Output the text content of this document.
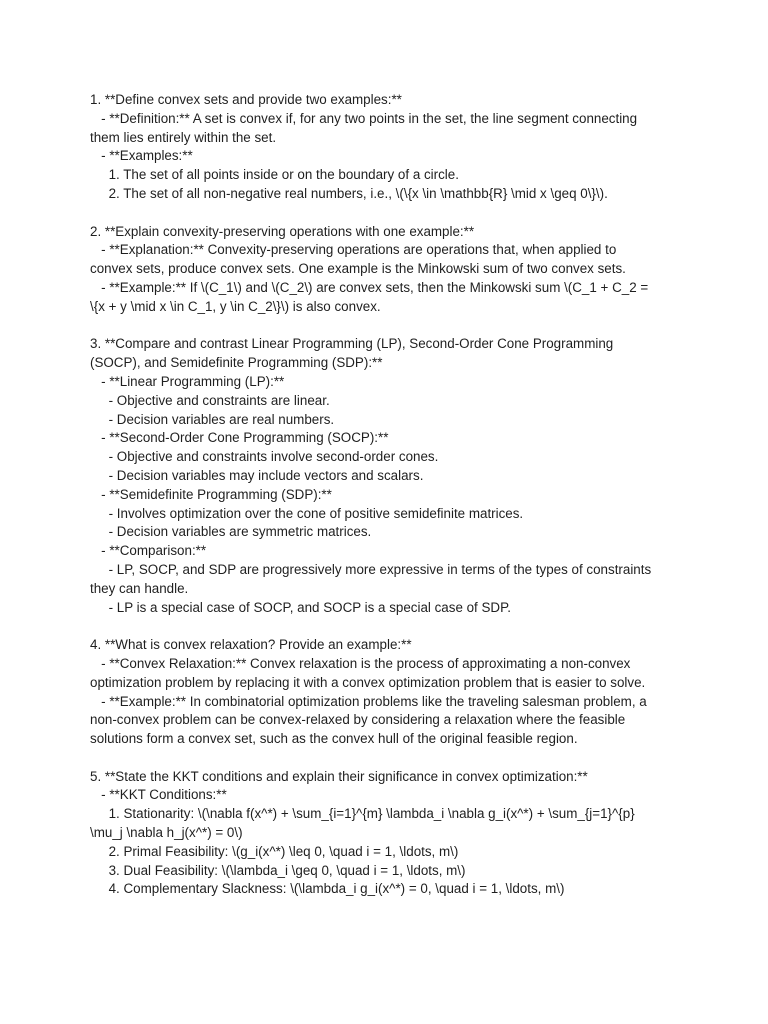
1. **Define convex sets and provide two examples:**
- **Definition:** A set is convex if, for any two points in the set, the line segment connecting
them lies entirely within the set.
- **Examples:**
1. The set of all points inside or on the boundary of a circle.
2. The set of all non-negative real numbers, i.e., \(\{x \in \mathbb{R} \mid x \geq 0\}\).
2. **Explain convexity-preserving operations with one example:**
- **Explanation:** Convexity-preserving operations are operations that, when applied to
convex sets, produce convex sets. One example is the Minkowski sum of two convex sets.
- **Example:** If \(C_1\) and \(C_2\) are convex sets, then the Minkowski sum \(C_1 + C_2 =
\{x + y \mid x \in C_1, y \in C_2\}\) is also convex.
3. **Compare and contrast Linear Programming (LP), Second-Order Cone Programming
(SOCP), and Semidefinite Programming (SDP):**
- **Linear Programming (LP):**
- Objective and constraints are linear.
- Decision variables are real numbers.
- **Second-Order Cone Programming (SOCP):**
- Objective and constraints involve second-order cones.
- Decision variables may include vectors and scalars.
- **Semidefinite Programming (SDP):**
- Involves optimization over the cone of positive semidefinite matrices.
- Decision variables are symmetric matrices.
- **Comparison:**
- LP, SOCP, and SDP are progressively more expressive in terms of the types of constraints
they can handle.
- LP is a special case of SOCP, and SOCP is a special case of SDP.
4. **What is convex relaxation? Provide an example:**
- **Convex Relaxation:** Convex relaxation is the process of approximating a non-convex
optimization problem by replacing it with a convex optimization problem that is easier to solve.
- **Example:** In combinatorial optimization problems like the traveling salesman problem, a
non-convex problem can be convex-relaxed by considering a relaxation where the feasible
solutions form a convex set, such as the convex hull of the original feasible region.
5. **State the KKT conditions and explain their significance in convex optimization:**
- **KKT Conditions:**
1. Stationarity: \(\nabla f(x^*) + \sum_{i=1}^{m} \lambda_i \nabla g_i(x^*) + \sum_{j=1}^{p}
\mu_j \nabla h_j(x^*) = 0\)
2. Primal Feasibility: \(g_i(x^*) \leq 0, \quad i = 1, \ldots, m\)
3. Dual Feasibility: \(\lambda_i \geq 0, \quad i = 1, \ldots, m\)
4. Complementary Slackness: \(\lambda_i g_i(x^*) = 0, \quad i = 1, \ldots, m\)
